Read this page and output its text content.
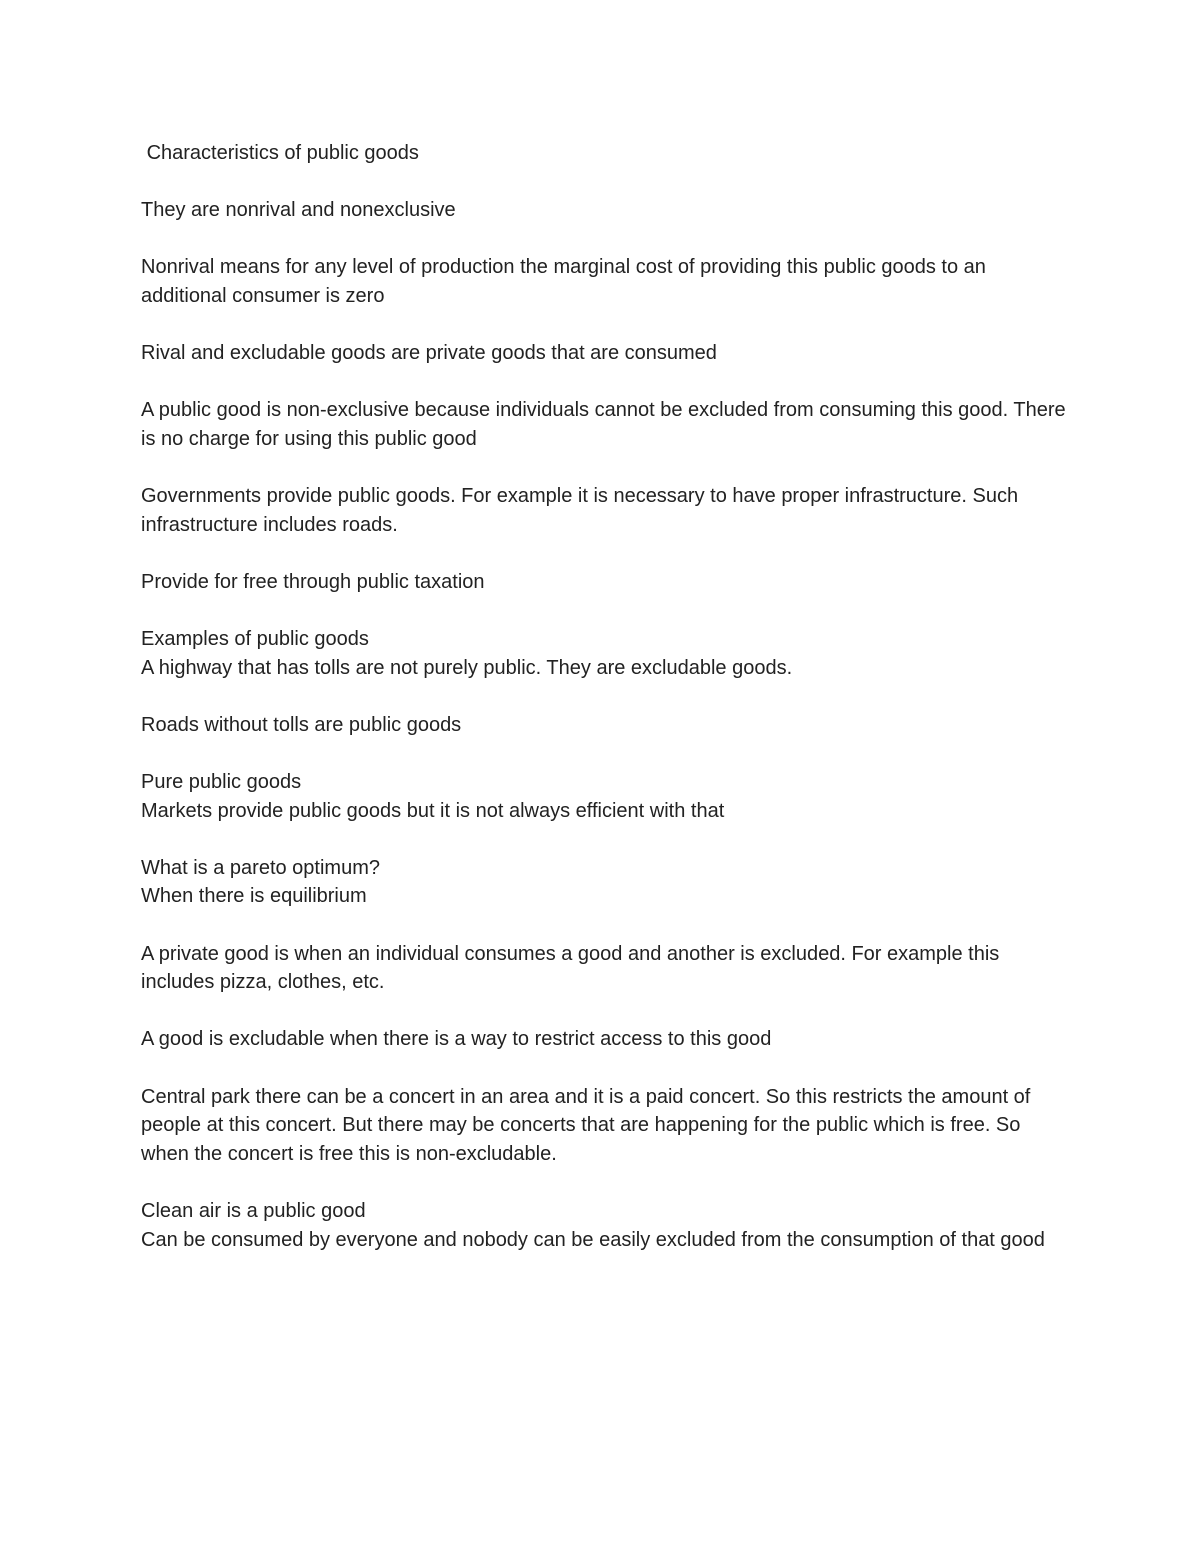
Characteristics of public goods

They are nonrival and nonexclusive

Nonrival means for any level of production the marginal cost of providing this public goods to an additional consumer is zero

Rival and excludable goods are private goods that are consumed

A public good is non-exclusive because individuals cannot be excluded from consuming this good. There is no charge for using this public good

Governments provide public goods. For example it is necessary to have proper infrastructure. Such infrastructure includes roads.

Provide for free through public taxation

Examples of public goods

A highway that has tolls are not purely public. They are excludable goods.

Roads without tolls are public goods

Pure public goods

Markets provide public goods but it is not always efficient with that

What is a pareto optimum?

When there is equilibrium

A private good is when an individual consumes a good and another is excluded. For example this includes pizza, clothes, etc.

A good is excludable when there is a way to restrict access to this good

Central park there can be a concert in an area and it is a paid concert. So this restricts the amount of people at this concert. But there may be concerts that are happening for the public which is free. So when the concert is free this is non-excludable.

Clean air is a public good

Can be consumed by everyone and nobody can be easily excluded from the consumption of that good
